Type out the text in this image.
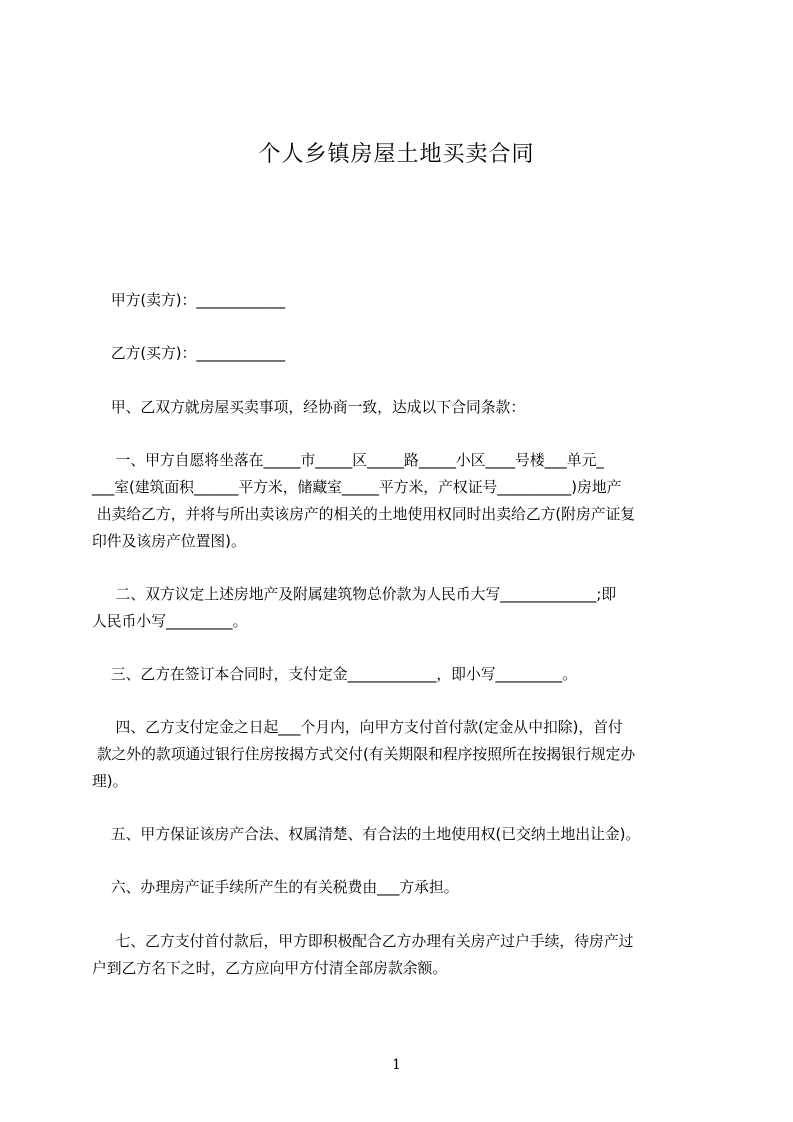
个人乡镇房屋土地买卖合同
甲方(卖方)：____________
乙方(买方)：____________
甲、乙双方就房屋买卖事项，经协商一致，达成以下合同条款：
一、甲方自愿将坐落在_____市_____区_____路_____小区____号楼___单元_
___室(建筑面积______平方米，储藏室_____平方米，产权证号__________)房地产
出卖给乙方，并将与所出卖该房产的相关的土地使用权同时出卖给乙方(附房产证复
印件及该房产位置图)。
二、双方议定上述房地产及附属建筑物总价款为人民币大写_____________;即
人民币小写_________。
三、乙方在签订本合同时，支付定金____________，即小写_________。
四、乙方支付定金之日起___个月内，向甲方支付首付款(定金从中扣除)，首付
款之外的款项通过银行住房按揭方式交付(有关期限和程序按照所在按揭银行规定办
理)。
五、甲方保证该房产合法、权属清楚、有合法的土地使用权(已交纳土地出让金)。
六、办理房产证手续所产生的有关税费由___方承担。
七、乙方支付首付款后，甲方即积极配合乙方办理有关房产过户手续，待房产过
户到乙方名下之时，乙方应向甲方付清全部房款余额。
1
